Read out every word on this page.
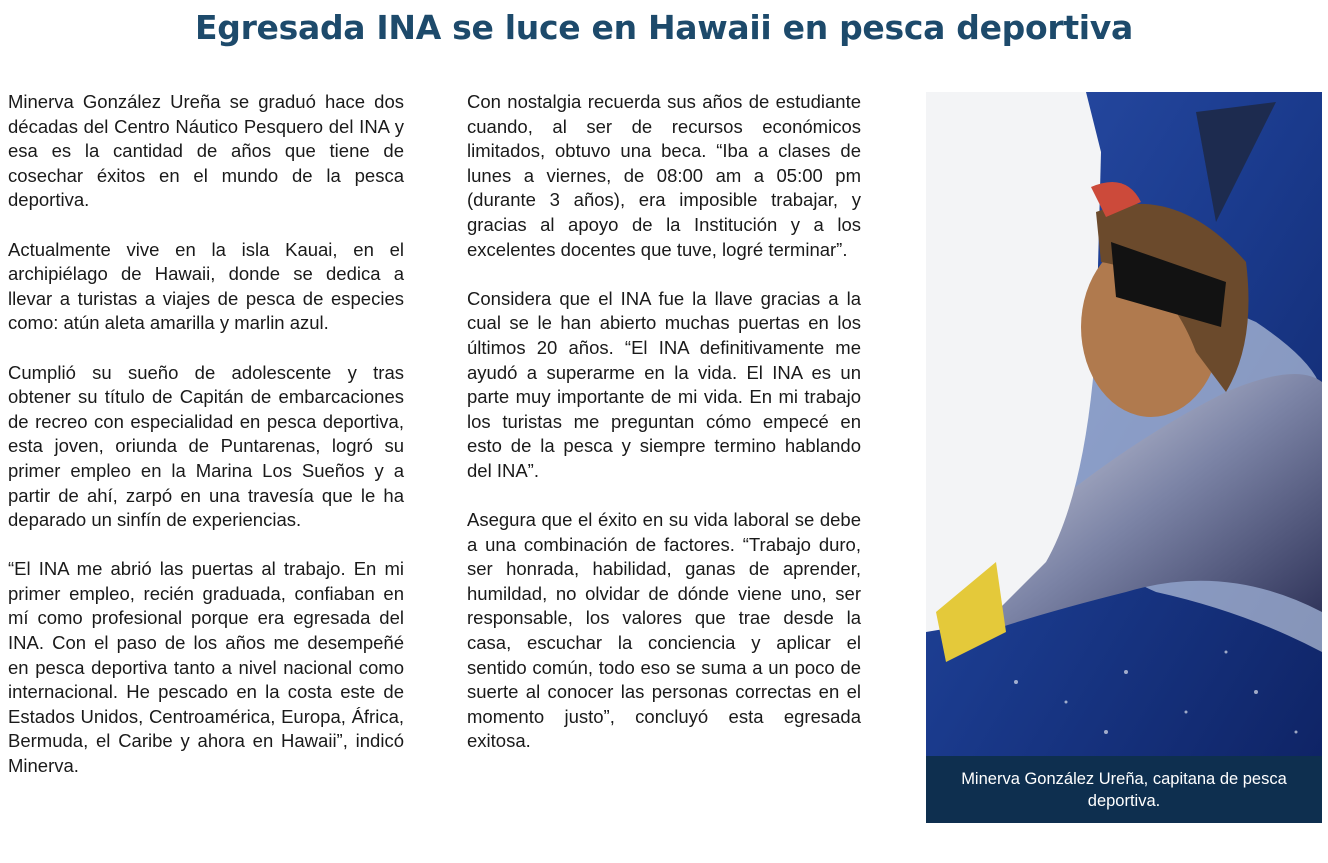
Egresada INA se luce en Hawaii en pesca deportiva

Minerva González Ureña se graduó hace dos décadas del Centro Náutico Pesquero del INA y esa es la cantidad de años que tiene de cosechar éxitos en el mundo de la pesca deportiva.

Actualmente vive en la isla Kauai, en el archipiélago de Hawaii, donde se dedica a llevar a turistas a viajes de pesca de especies como: atún aleta amarilla y marlin azul.

Cumplió su sueño de adolescente y tras obtener su título de Capitán de embarcaciones de recreo con especialidad en pesca deportiva, esta joven, oriunda de Puntarenas, logró su primer empleo en la Marina Los Sueños y a partir de ahí, zarpó en una travesía que le ha deparado un sinfín de experiencias.

“El INA me abrió las puertas al trabajo. En mi primer empleo, recién graduada, confiaban en mí como profesional porque era egresada del INA. Con el paso de los años me desempeñé en pesca deportiva tanto a nivel nacional como internacional. He pescado en la costa este de Estados Unidos, Centroamérica, Europa, África, Bermuda, el Caribe y ahora en Hawaii”, indicó Minerva.

Con nostalgia recuerda sus años de estudiante cuando, al ser de recursos económicos limitados, obtuvo una beca. “Iba a clases de lunes a viernes, de 08:00 am a 05:00 pm (durante 3 años), era imposible trabajar, y gracias al apoyo de la Institución y a los excelentes docentes que tuve, logré terminar”.

Considera que el INA fue la llave gracias a la cual se le han abierto muchas puertas en los últimos 20 años. “El INA definitivamente me ayudó a superarme en la vida. El INA es un parte muy importante de mi vida. En mi trabajo los turistas me preguntan cómo empecé en esto de la pesca y siempre termino hablando del INA”.

Asegura que el éxito en su vida laboral se debe a una combinación de factores. “Trabajo duro, ser honrada, habilidad, ganas de aprender, humildad, no olvidar de dónde viene uno, ser responsable, los valores que trae desde la casa, escuchar la conciencia y aplicar el sentido común, todo eso se suma a un poco de suerte al conocer las personas correctas en el momento justo”, concluyó esta egresada exitosa.

Minerva González Ureña, capitana de pesca deportiva.
